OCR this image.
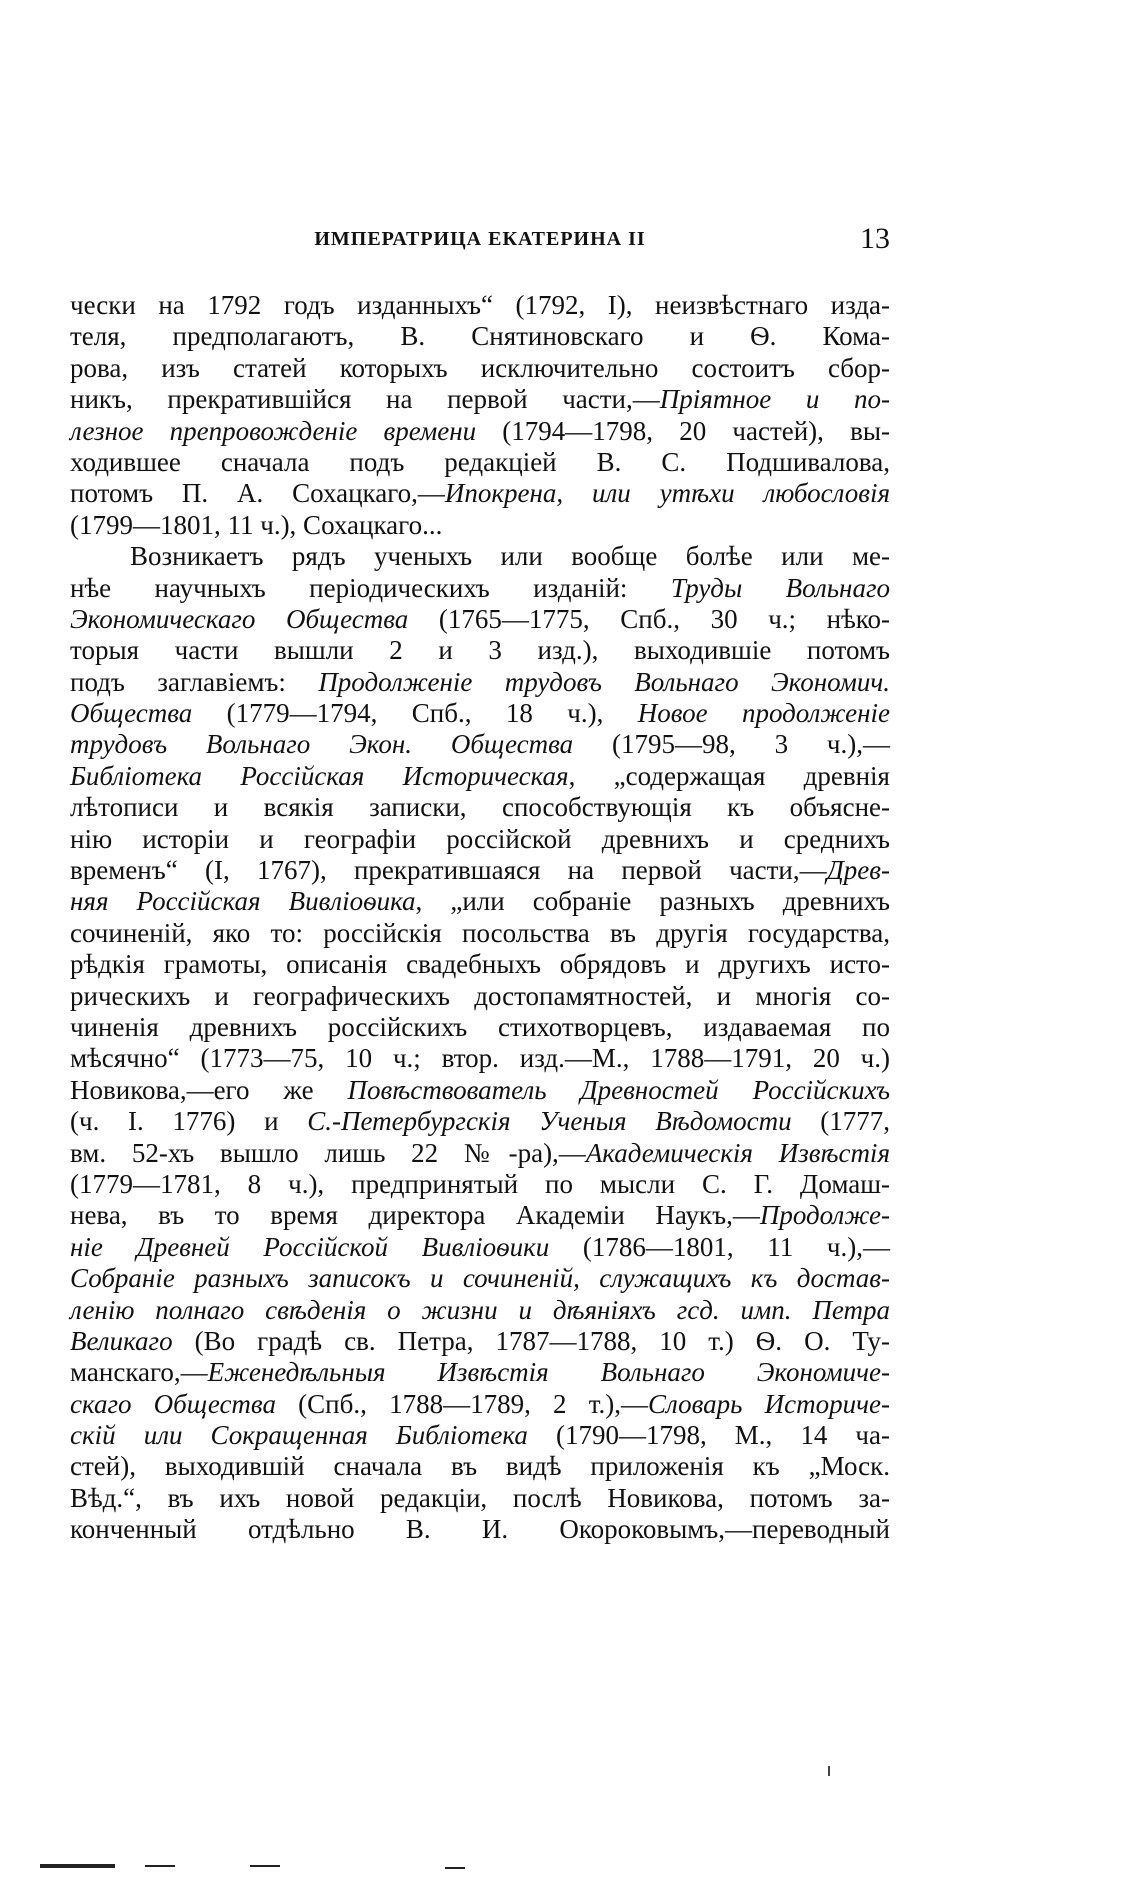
ИМПЕРАТРИЦА ЕКАТЕРИНА II	13
чески на 1792 годъ изданныхъ“ (1792, I), неизвѣстнаго изда-
теля, предполагаютъ, В. Снятиновскаго и Ѳ. Кома-
рова, изъ статей которыхъ исключительно состоитъ сбор-
никъ, прекратившійся на первой части,—Пріятное и по-
лезное препровожденіе времени (1794—1798, 20 частей), вы-
ходившее сначала подъ редакціей В. С. Подшивалова,
потомъ П. А. Сохацкаго,—Ипокрена, или утѣхи любословія
(1799—1801, 11 ч.), Сохацкаго...
Возникаетъ рядъ ученыхъ или вообще болѣе или ме-
нѣе научныхъ періодическихъ изданій: Труды Вольнаго
Экономическаго Общества (1765—1775, Спб., 30 ч.; нѣко-
торыя части вышли 2 и 3 изд.), выходившіе потомъ
подъ заглавіемъ: Продолженіе трудовъ Вольнаго Экономич.
Общества (1779—1794, Спб., 18 ч.), Новое продолженіе
трудовъ Вольнаго Экон. Общества (1795—98, 3 ч.),—
Библіотека Россійская Историческая, „содержащая древнія
лѣтописи и всякія записки, способствующія къ объясне-
нію исторіи и географіи россійской древнихъ и среднихъ
временъ“ (I, 1767), прекратившаяся на первой части,—Древ-
няя Россійская Вивліоѳика, „или собраніе разныхъ древнихъ
сочиненій, яко то: россійскія посольства въ другія государства,
рѣдкія грамоты, описанія свадебныхъ обрядовъ и другихъ исто-
рическихъ и географическихъ достопамятностей, и многія со-
чиненія древнихъ россійскихъ стихотворцевъ, издаваемая по
мѣсячно“ (1773—75, 10 ч.; втор. изд.—М., 1788—1791, 20 ч.)
Новикова,—его же Повѣствователь Древностей Россійскихъ
(ч. I. 1776) и С.-Петербургскія Ученыя Вѣдомости (1777,
вм. 52-хъ вышло лишь 22 №-ра),—Академическія Извѣстія
(1779—1781, 8 ч.), предпринятый по мысли С. Г. Домаш-
нева, въ то время директора Академіи Наукъ,—Продолже-
ніе Древней Россійской Вивліоѳики (1786—1801, 11 ч.),—
Собраніе разныхъ записокъ и сочиненій, служащихъ къ достав-
ленію полнаго свѣденія о жизни и дѣяніяхъ гсд. имп. Петра
Великаго (Во градѣ св. Петра, 1787—1788, 10 т.) Ѳ. О. Ту-
манскаго,—Еженедѣльныя Извѣстія Вольнаго Экономиче-
скаго Общества (Спб., 1788—1789, 2 т.),—Словарь Историче-
скій или Сокращенная Библіотека (1790—1798, М., 14 ча-
стей), выходившій сначала въ видѣ приложенія къ „Моск.
Вѣд.“, въ ихъ новой редакціи, послѣ Новикова, потомъ за-
конченный отдѣльно В. И. Окороковымъ,—переводный
